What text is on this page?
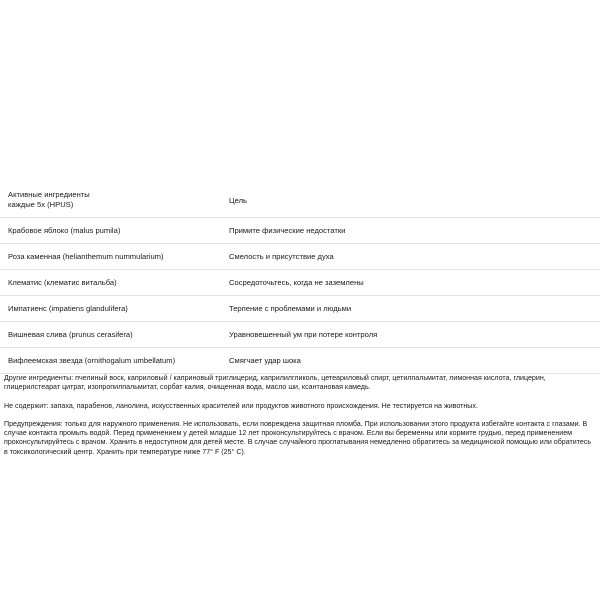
Активные ингредиенты
каждые 5х (HPUS)	Цель
Крабовое яблоко (malus pumila)	Примите физические недостатки
Роза каменная (helianthemum nummularium)	Смелость и присутствие духа
Клематис (клематис витальба)	Сосредоточьтесь, когда не заземлены
Импатиенс (impatiens glandulifera)	Терпение с проблемами и людьми
Вишневая слива (prunus cerasifera)	Уравновешенный ум при потере контроля
Вифлеемская звезда (ornithogalum umbellatum)	Смягчает удар шока

Другие ингредиенты: пчелиный воск, каприловый / каприновый триглицерид, каприлилгликоль, цетеариловый спирт, цетилпальмитат, лимонная кислота, глицерин, глицерилстеарат цитрат, изопропилпальмитат, сорбат калия, очищенная вода, масло ши, ксантановая камедь.

Не содержит: запаха, парабенов, ланолина, искусственных красителей или продуктов животного происхождения. Не тестируется на животных.

Предупреждения: только для наружного применения. Не использовать, если повреждена защитная пломба. При использовании этого продукта избегайте контакта с глазами. В случае контакта промыть водой. Перед применением у детей младше 12 лет проконсультируйтесь с врачом. Если вы беременны или кормите грудью, перед применением проконсультируйтесь с врачом. Хранить в недоступном для детей месте. В случае случайного проглатывания немедленно обратитесь за медицинской помощью или обратитесь в токсикологический центр. Хранить при температуре ниже 77° F (25° C).
